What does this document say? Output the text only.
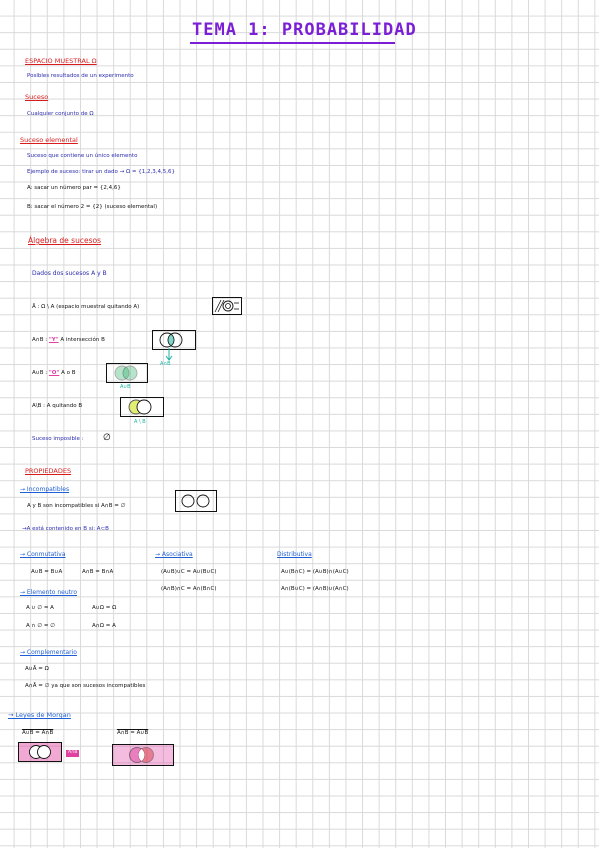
TEMA 1: PROBABILIDAD
ESPACIO MUESTRAL Ω
Posibles resultados de un experimento
Suceso
Cualquier conjunto de Ω
Suceso elemental
Suceso que contiene un único elemento
Ejemplo de suceso: tirar un dado → Ω = {1,2,3,4,5,6}
A: sacar un número par = {2,4,6}
B: sacar el número 2 = {2} (suceso elemental)
Álgebra de sucesos
Dados dos sucesos A y B
Ā : Ω \ A (espacio muestral quitando A)
A∩B : "Y" A intersección B
A∩B
A∪B : "O" A o B
A∪B
A\B : A quitando B
A \ B
Suceso imposible : ∅
PROPIEDADES
→ Incompatibles
A y B son incompatibles si A∩B = ∅
→A está contenido en B si: A⊂B
→ Conmutativa
A∪B = B∪A	A∩B = B∩A
→ Asociativa
(A∪B)∪C = A∪(B∪C)
(A∩B)∩C = A∩(B∩C)
Distributiva
A∪(B∩C) = (A∪B)∩(A∪C)
A∩(B∪C) = (A∩B)∪(A∩C)
→ Elemento neutro
A ∪ ∅ = A	A∪Ω = Ω
A ∩ ∅ = ∅	A∩Ω = A
→ Complementario
A∪Ā = Ω
A∩Ā = ∅ ya que son sucesos incompatibles
→ Leyes de Morgan
A∪B = Ā∩B̄	A∩B = Ā∪B̄
Ā∩B̄
